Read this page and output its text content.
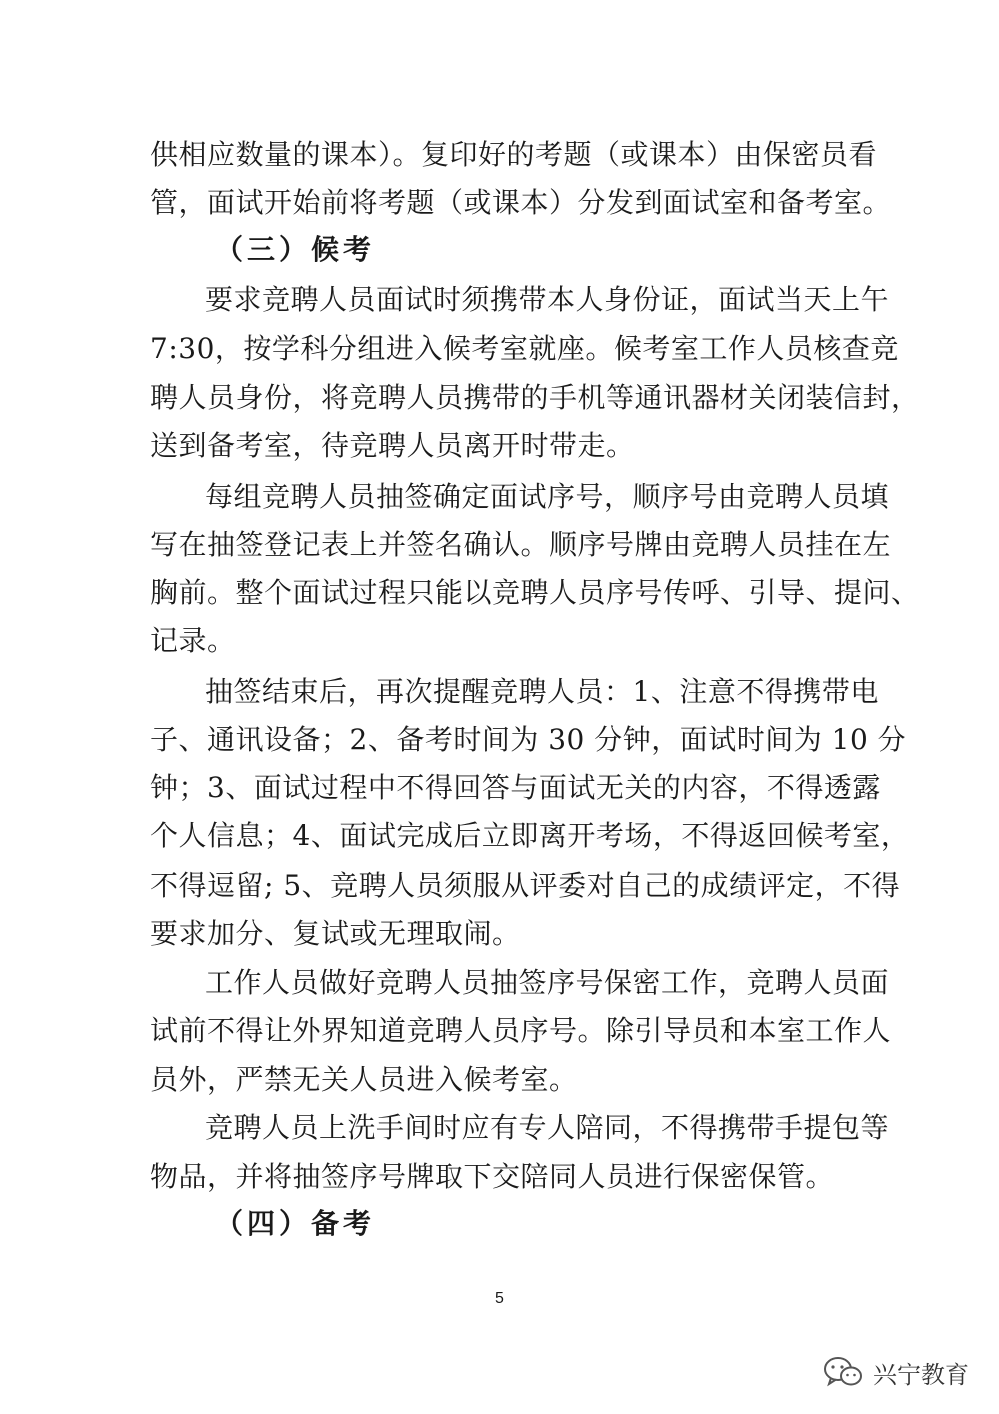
供相应数量的课本）。复印好的考题（或课本）由保密员看

管，面试开始前将考题（或课本）分发到面试室和备考室。

（三）候考

要求竞聘人员面试时须携带本人身份证，面试当天上午

7:30，按学科分组进入候考室就座。候考室工作人员核查竞

聘人员身份，将竞聘人员携带的手机等通讯器材关闭装信封，

送到备考室，待竞聘人员离开时带走。

每组竞聘人员抽签确定面试序号，顺序号由竞聘人员填

写在抽签登记表上并签名确认。顺序号牌由竞聘人员挂在左

胸前。整个面试过程只能以竞聘人员序号传呼、引导、提问、

记录。

抽签结束后，再次提醒竞聘人员：1、注意不得携带电

子、通讯设备；2、备考时间为 30 分钟，面试时间为 10 分

钟；3、面试过程中不得回答与面试无关的内容，不得透露

个人信息；4、面试完成后立即离开考场，不得返回候考室，

不得逗留; 5、竞聘人员须服从评委对自己的成绩评定，不得

要求加分、复试或无理取闹。

工作人员做好竞聘人员抽签序号保密工作，竞聘人员面

试前不得让外界知道竞聘人员序号。除引导员和本室工作人

员外，严禁无关人员进入候考室。

竞聘人员上洗手间时应有专人陪同，不得携带手提包等

物品，并将抽签序号牌取下交陪同人员进行保密保管。

（四）备考

5
兴宁教育
